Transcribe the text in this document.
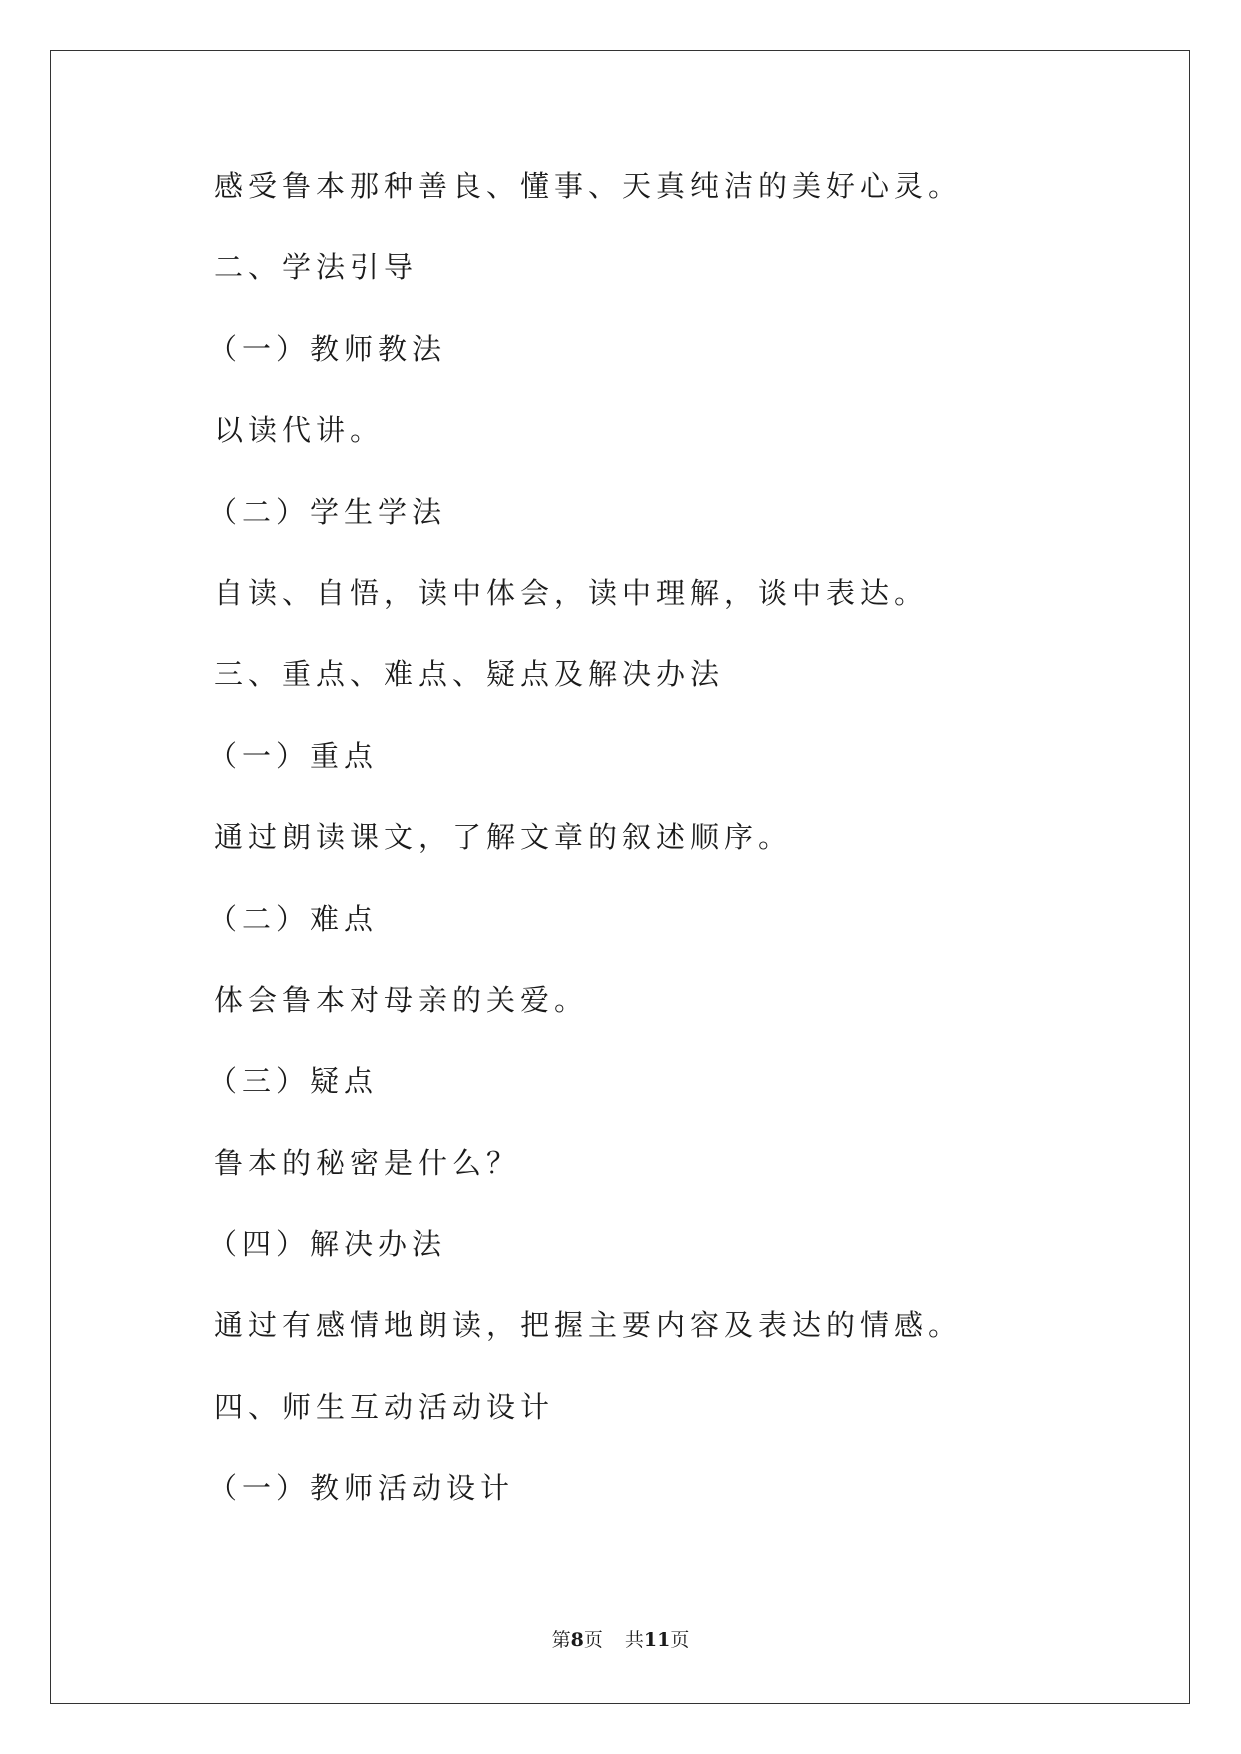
感受鲁本那种善良、懂事、天真纯洁的美好心灵。
二、学法引导
（一）教师教法
以读代讲。
（二）学生学法
自读、自悟，读中体会，读中理解，谈中表达。
三、重点、难点、疑点及解决办法
（一）重点
通过朗读课文，了解文章的叙述顺序。
（二）难点
体会鲁本对母亲的关爱。
（三）疑点
鲁本的秘密是什么？
（四）解决办法
通过有感情地朗读，把握主要内容及表达的情感。
四、师生互动活动设计
（一）教师活动设计
第8页 共11页
